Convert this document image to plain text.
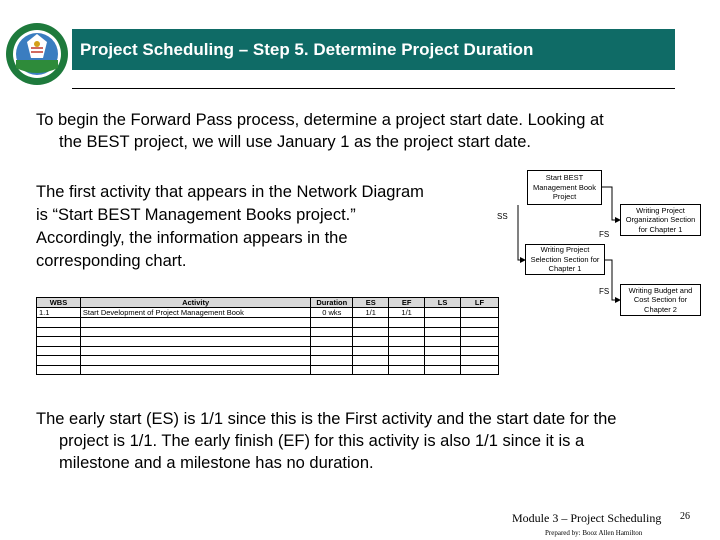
Project Scheduling – Step 5. Determine Project Duration
To begin the Forward Pass process, determine a project start date. Looking at
the BEST project, we will use January 1 as the project start date.
The first activity that appears in the Network Diagram
is “Start BEST Management Books project.”
Accordingly, the information appears in the
corresponding chart.
Start BEST Management Book Project
Writing Project Organization Section for Chapter 1
Writing Project Selection Section for Chapter 1
Writing Budget and Cost Section for Chapter 2
SS
FS
FS
WBS	Activity	Duration	ES	EF	LS	LF
1.1	Start Development of Project Management Book	0 wks	1/1	1/1		

The early start (ES) is 1/1 since this is the First activity and the start date for the
project is 1/1. The early finish (EF) for this activity is also 1/1 since it is a
milestone and a milestone has no duration.
Module 3 – Project Scheduling
Prepared by: Booz Allen Hamilton
26
